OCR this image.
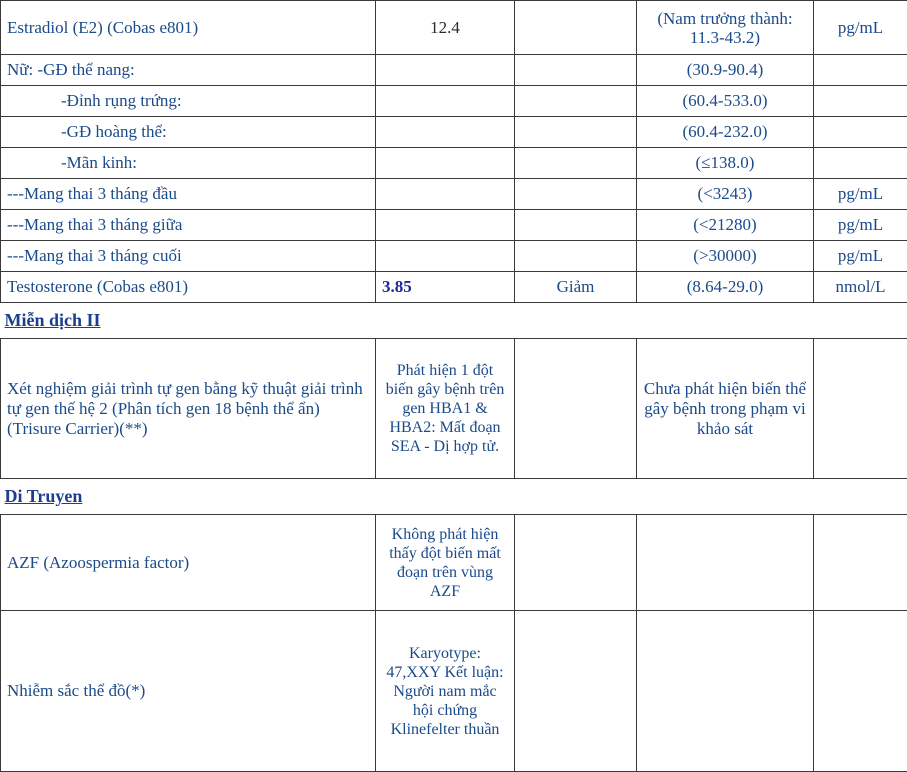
Estradiol (E2) (Cobas e801)	12.4		(Nam trưởng thành: 11.3-43.2)	pg/mL
Nữ: -GĐ thể nang:			(30.9-90.4)	
-Đỉnh rụng trứng:			(60.4-533.0)	
-GĐ hoàng thể:			(60.4-232.0)	
-Mãn kinh:			(≤138.0)	
---Mang thai 3 tháng đầu			(<3243)	pg/mL
---Mang thai 3 tháng giữa			(<21280)	pg/mL
---Mang thai 3 tháng cuối			(>30000)	pg/mL
Testosterone (Cobas e801)	3.85	Giảm	(8.64-29.0)	nmol/L
Miễn dịch II				
Xét nghiệm giải trình tự gen bằng kỹ thuật giải trình tự gen thế hệ 2 (Phân tích gen 18 bệnh thể ẩn) (Trisure Carrier)(**)	Phát hiện 1 đột biến gây bệnh trên gen HBA1 & HBA2: Mất đoạn SEA - Dị hợp tử.		Chưa phát hiện biến thể gây bệnh trong phạm vi khảo sát	
Di Truyen				
AZF (Azoospermia factor)	Không phát hiện thấy đột biến mất đoạn trên vùng AZF			
Nhiễm sắc thể đồ(*)	Karyotype: 47,XXY Kết luận: Người nam mắc hội chứng Klinefelter thuần			
